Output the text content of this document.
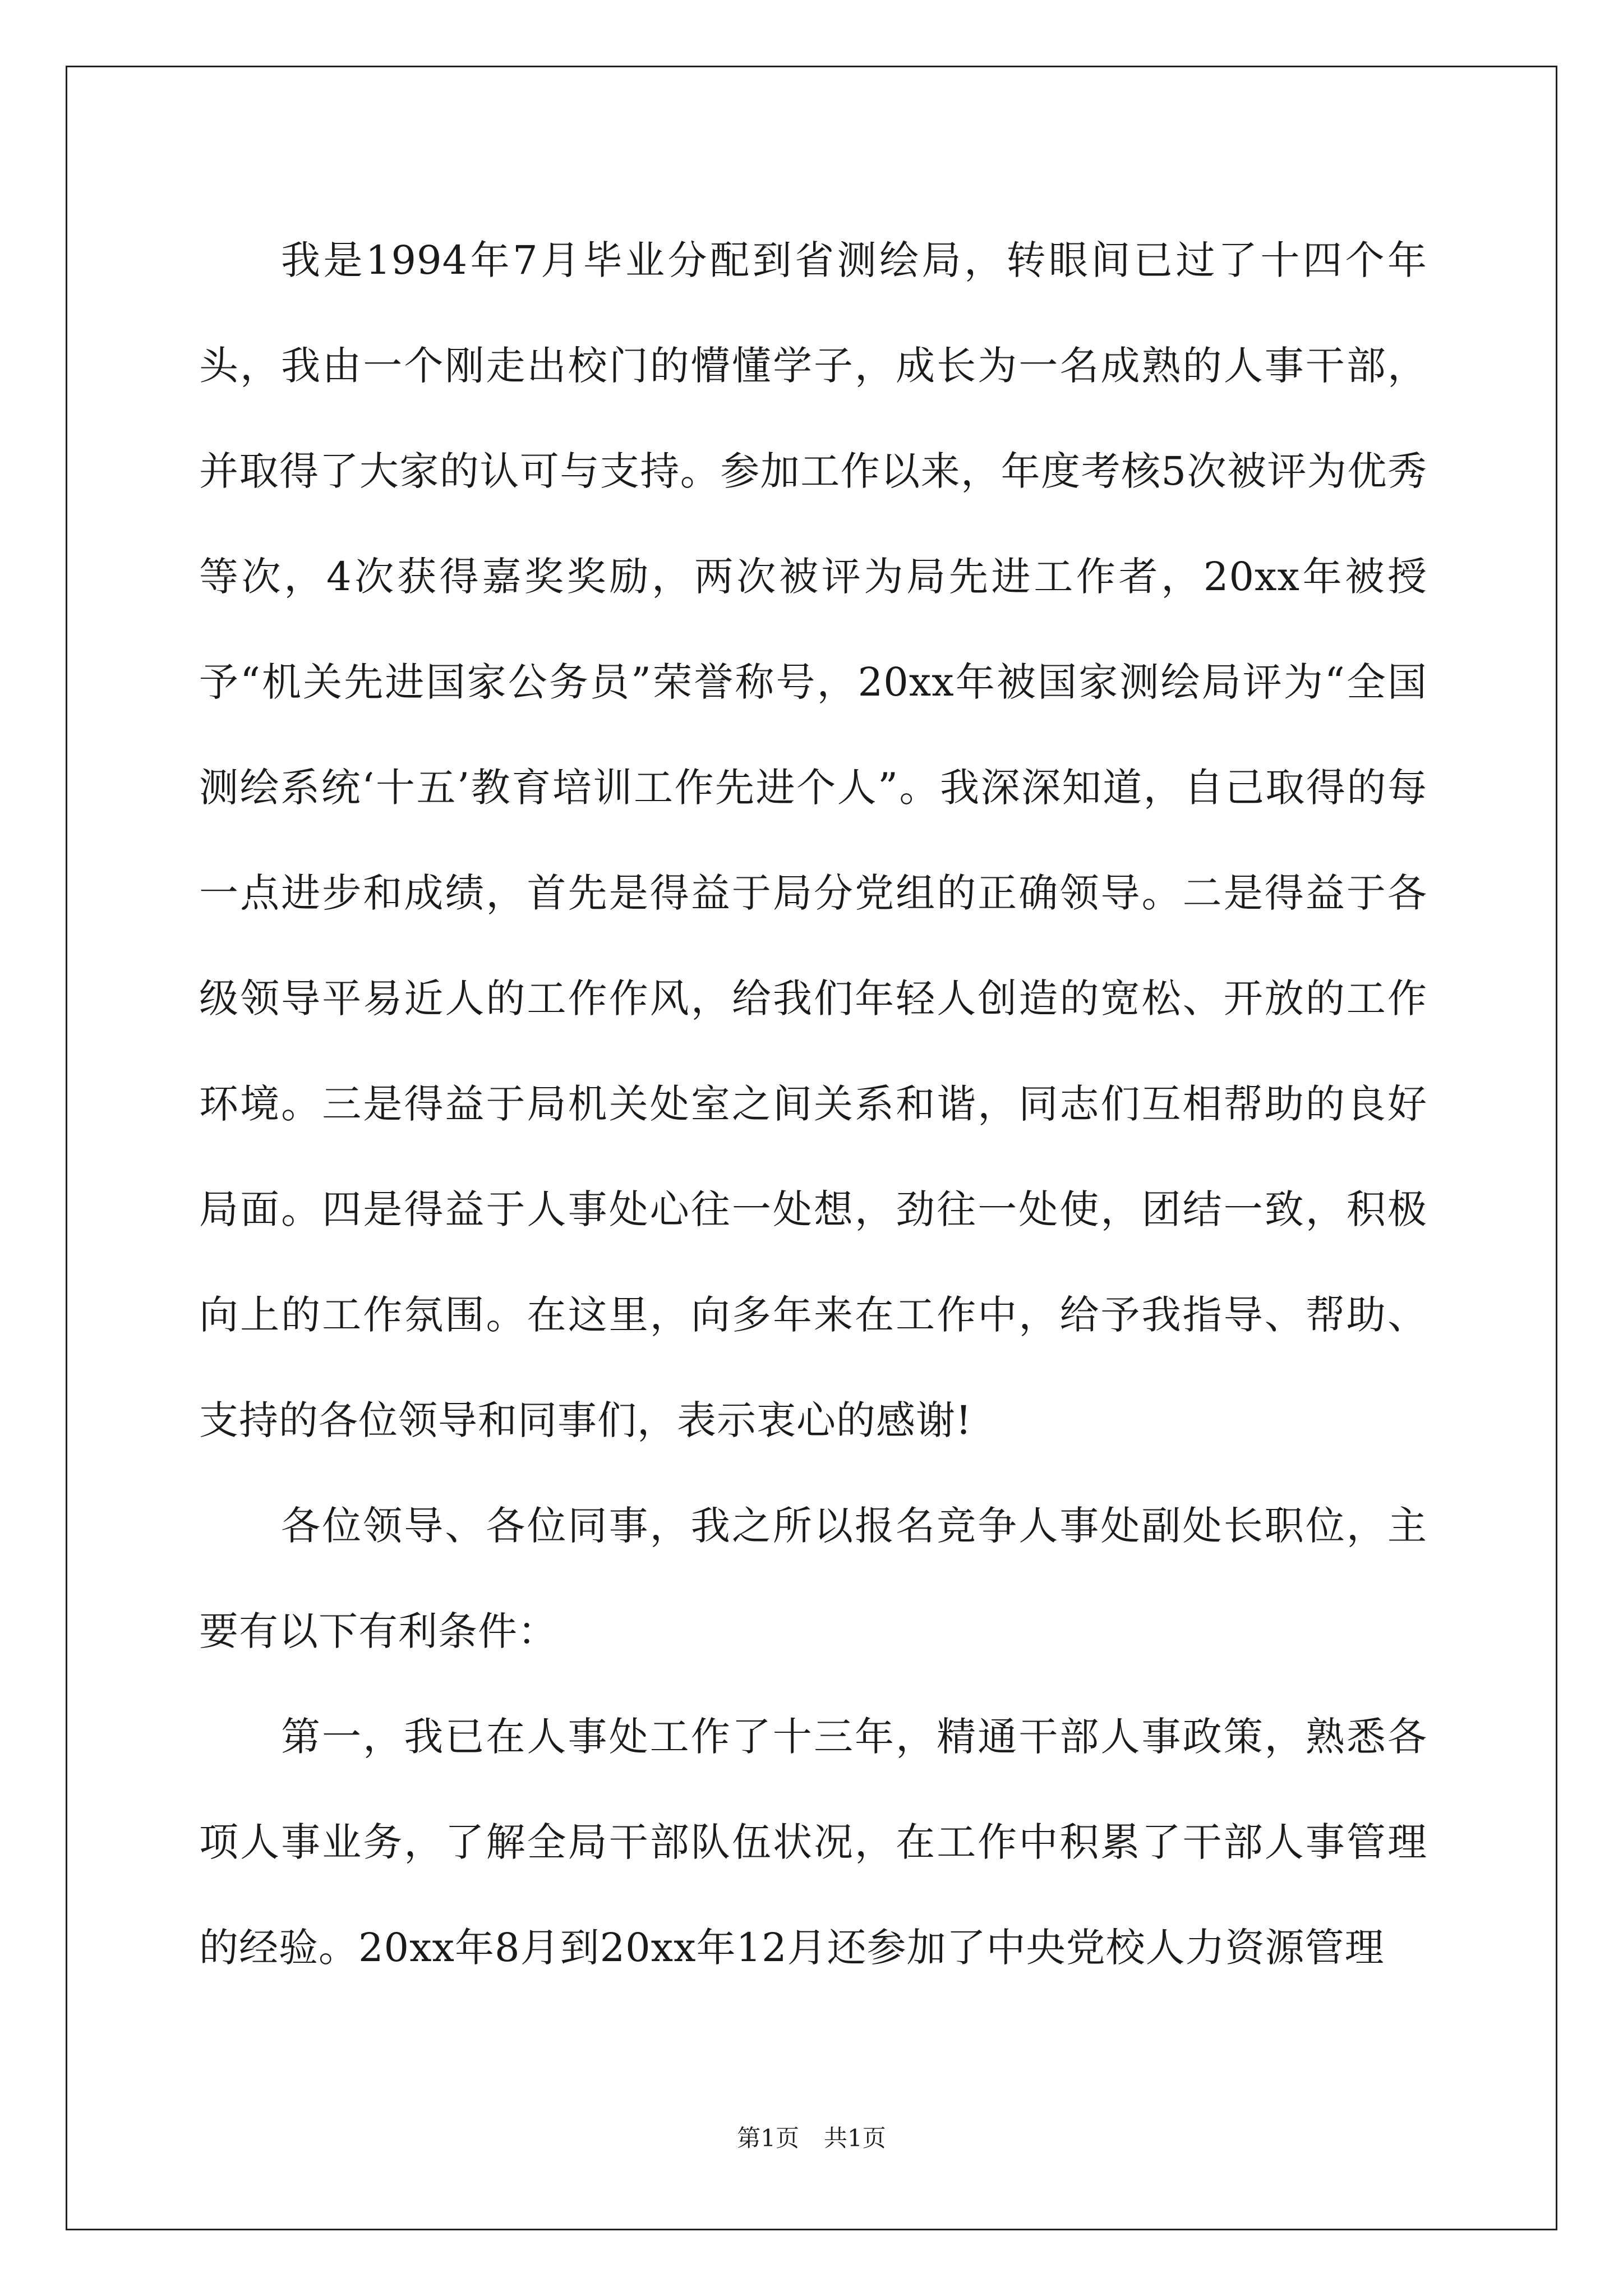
我是1994年7月毕业分配到省测绘局，转眼间已过了十四个年头，我由一个刚走出校门的懵懂学子，成长为一名成熟的人事干部，并取得了大家的认可与支持。参加工作以来，年度考核5次被评为优秀等次，4次获得嘉奖奖励，两次被评为局先进工作者，20xx年被授予“机关先进国家公务员”荣誉称号，20xx年被国家测绘局评为“全国测绘系统‘十五’教育培训工作先进个人”。我深深知道，自己取得的每一点进步和成绩，首先是得益于局分党组的正确领导。二是得益于各级领导平易近人的工作作风，给我们年轻人创造的宽松、开放的工作环境。三是得益于局机关处室之间关系和谐，同志们互相帮助的良好局面。四是得益于人事处心往一处想，劲往一处使，团结一致，积极向上的工作氛围。在这里，向多年来在工作中，给予我指导、帮助、支持的各位领导和同事们，表示衷心的感谢!

各位领导、各位同事，我之所以报名竞争人事处副处长职位，主要有以下有利条件：

第一，我已在人事处工作了十三年，精通干部人事政策，熟悉各项人事业务，了解全局干部队伍状况，在工作中积累了干部人事管理的经验。20xx年8月到20xx年12月还参加了中央党校人力资源管理

第1页 共1页
